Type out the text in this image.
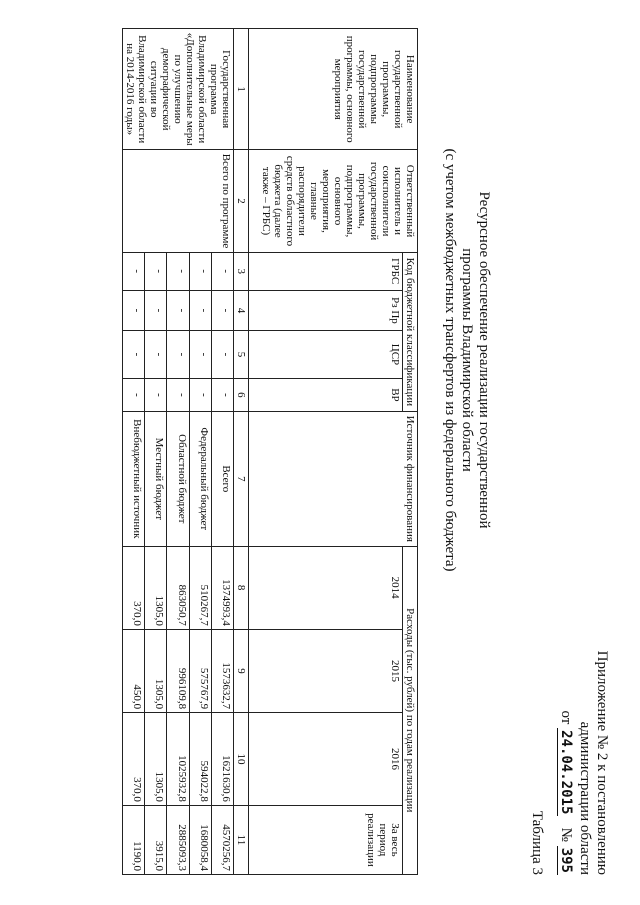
Приложение № 2 к постановлению
администрации области
от 24.04.2015   № 395
Таблица 3
Ресурсное обеспечение реализации государственной
программы Владимирской области
(с учетом межбюджетных трансфертов из федерального бюджета)
Наименование государственной программы, подпрограммы государственной программы, основного мероприятия	Ответственный исполнитель и соисполнители государственной программы, подпрограммы, основного мероприятия, главные распорядители средств областного бюджета (далее также – ГРБС)	Код бюджетной классификации				Источник финансирования	Расходы (тыс. рублей) по годам реализации			
		ГРБС	Рз Пр	ЦСР	ВР		2014	2015	2016	За весь период реализации
1	2	3	4	5	6	7	8	9	10	11
Государственная программа Владимирской области «Дополнительные меры по улучшению демографической ситуации во Владимирской области на 2014-2016 годы»	Всего по программе	-	-	-	-	Всего	1374993,4	1573632,7	1621630,6	4570256,7
		-	-	-	-	Федеральный бюджет	510267,7	575767,9	594022,8	1680058,4
		-	-	-	-	Областной бюджет	863050,7	996109,8	1025932,8	2885093,3
		-	-	-	-	Местный бюджет	1305,0	1305,0	1305,0	3915,0
		-	-	-	-	Внебюджетный источник	370,0	450,0	370,0	1190,0
